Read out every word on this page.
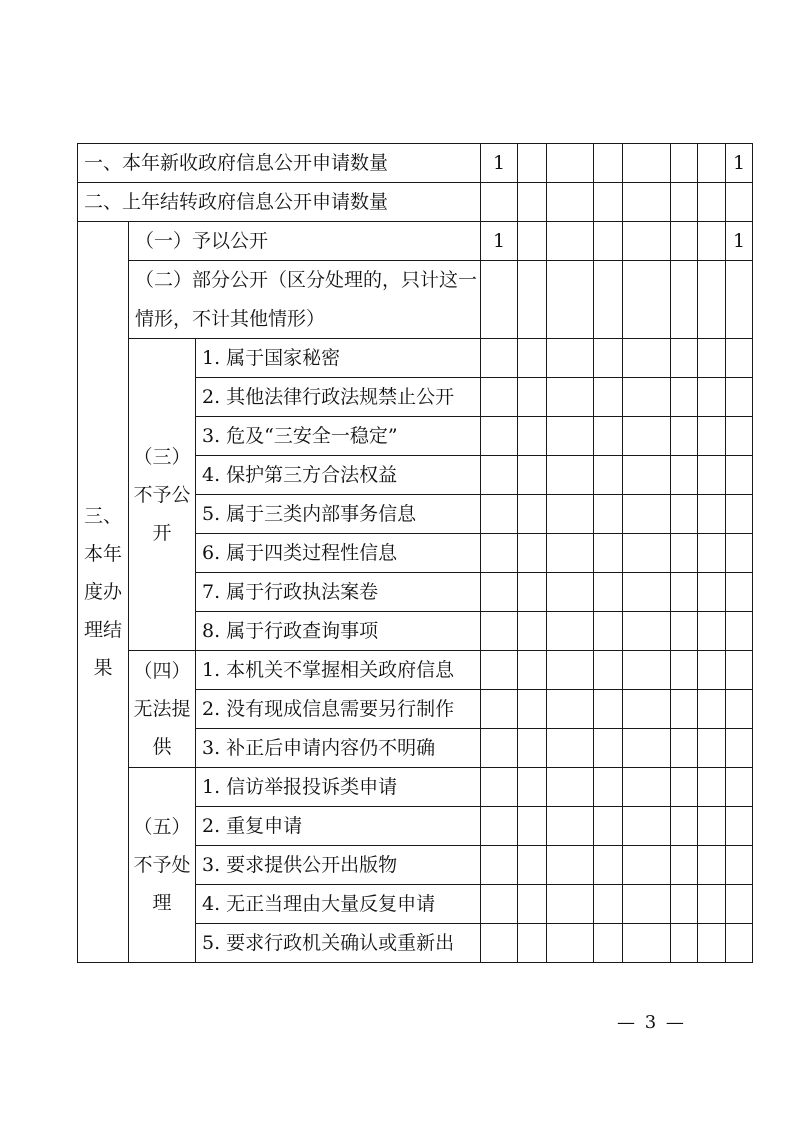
一、本年新收政府信息公开申请数量			1							1
二、上年结转政府信息公开申请数量										
三、本年度办理结果	（一）予以公开		1							1
	（二）部分公开（区分处理的，只计这一情形，不计其他情形）									
	（三）不予公开	1. 属于国家秘密								
		2. 其他法律行政法规禁止公开								
		3. 危及“三安全一稳定”								
		4. 保护第三方合法权益								
		5. 属于三类内部事务信息								
		6. 属于四类过程性信息								
		7. 属于行政执法案卷								
		8. 属于行政查询事项								
	（四）无法提供	1. 本机关不掌握相关政府信息								
		2. 没有现成信息需要另行制作								
		3. 补正后申请内容仍不明确								
	（五）不予处理	1. 信访举报投诉类申请								
		2. 重复申请								
		3. 要求提供公开出版物								
		4. 无正当理由大量反复申请								
		5. 要求行政机关确认或重新出								
— 3 —
